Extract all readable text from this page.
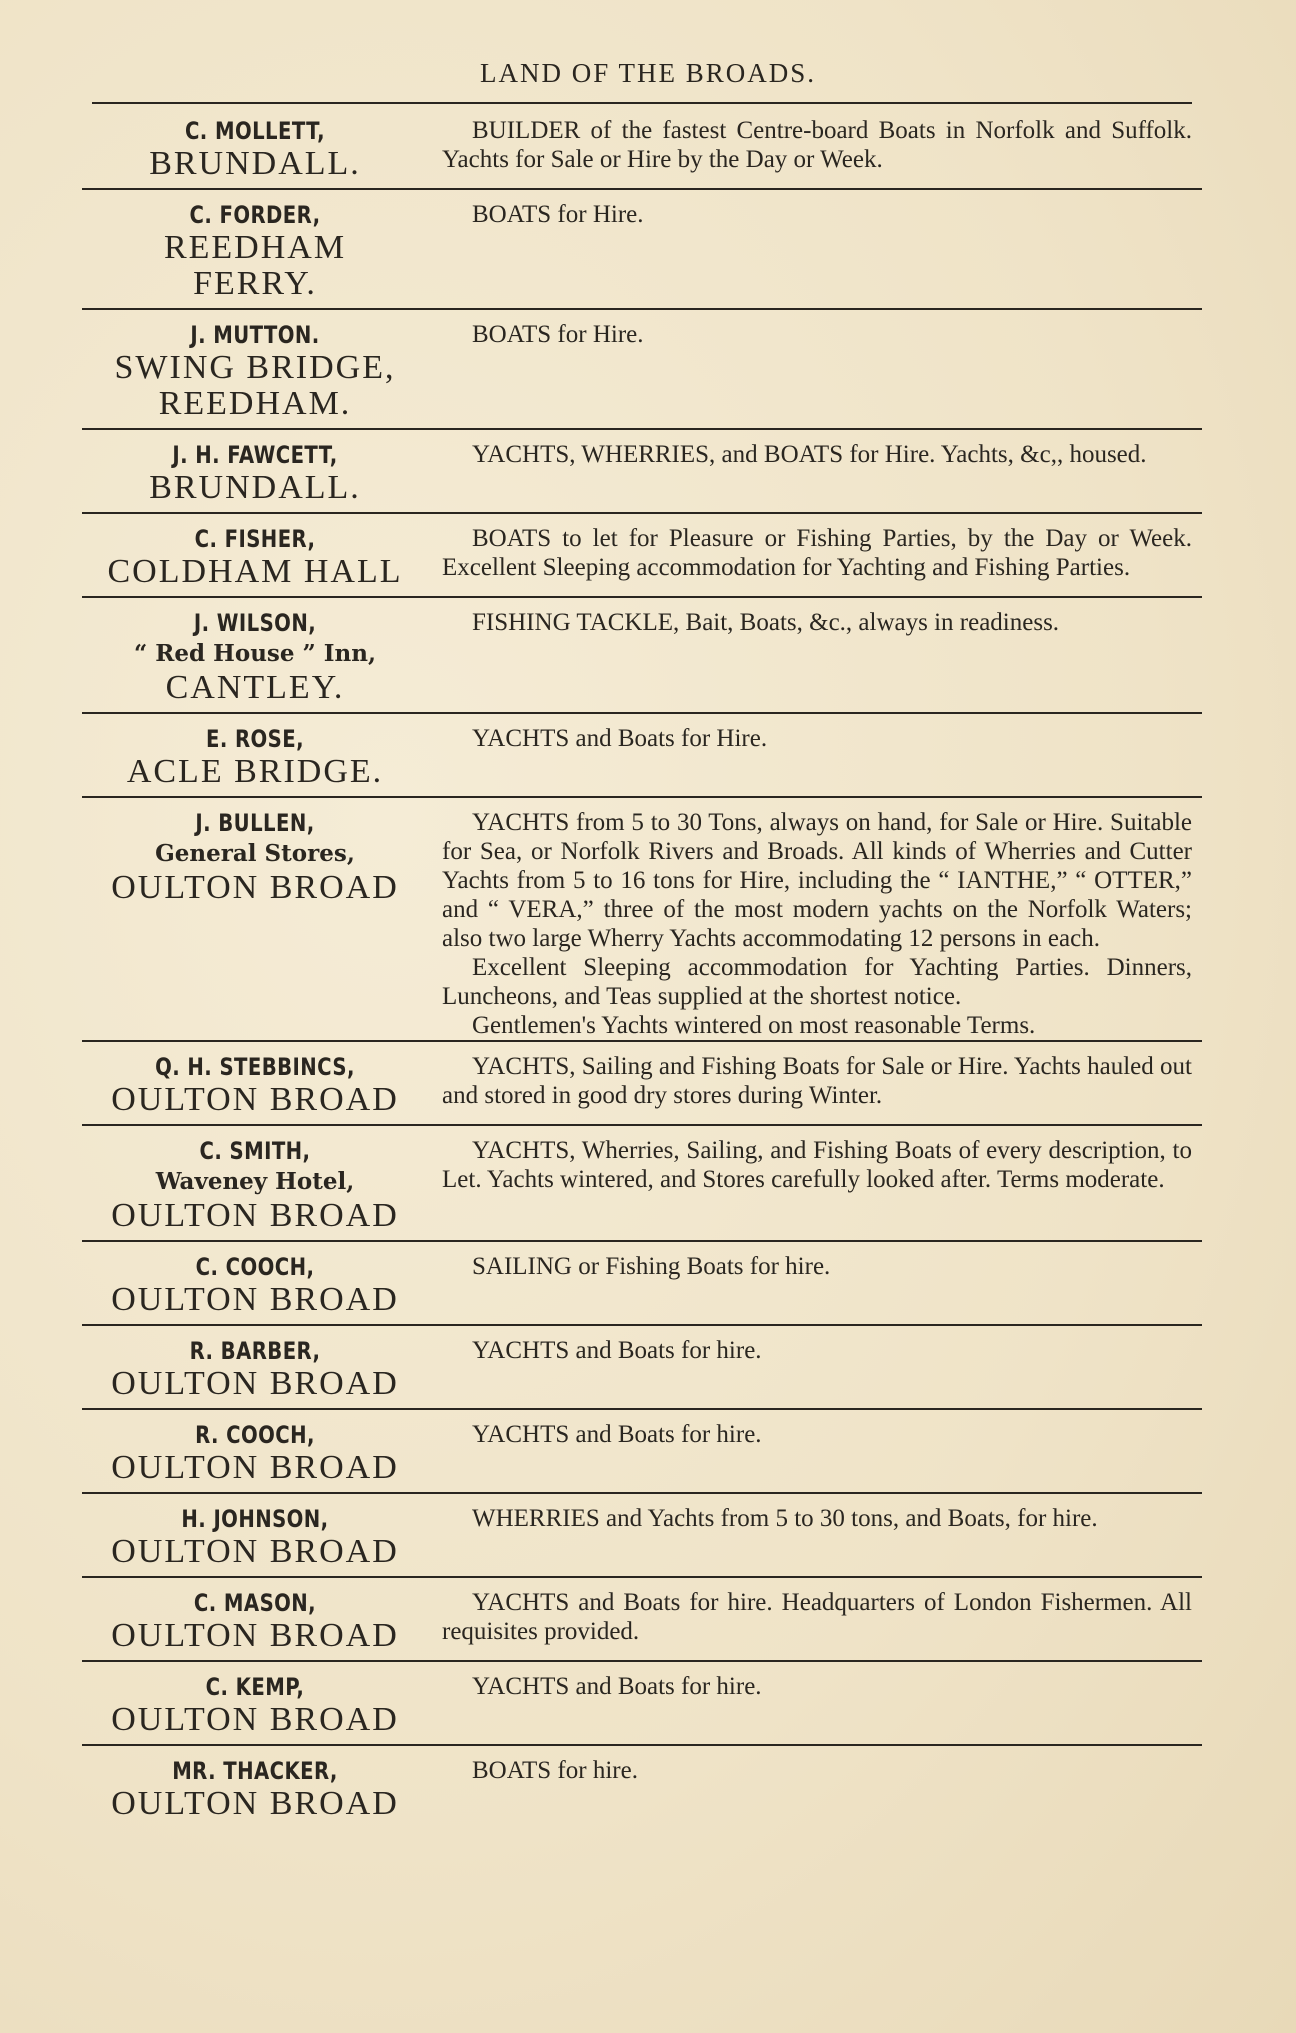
LAND OF THE BROADS.
C. MOLLETT,
BRUNDALL.

BUILDER of the fastest Centre-board Boats in Norfolk and Suffolk. Yachts for Sale or Hire by the Day or Week.

C. FORDER,
REEDHAM
FERRY.

BOATS for Hire.

J. MUTTON.
SWING BRIDGE,
REEDHAM.

BOATS for Hire.

J. H. FAWCETT,
BRUNDALL.

YACHTS, WHERRIES, and BOATS for Hire. Yachts, &c,, housed.

C. FISHER,
COLDHAM HALL

BOATS to let for Pleasure or Fishing Parties, by the Day or Week. Excellent Sleeping accommodation for Yachting and Fishing Parties.

J. WILSON,
“ Red House ” Inn,
CANTLEY.

FISHING TACKLE, Bait, Boats, &c., always in readiness.

E. ROSE,
ACLE BRIDGE.

YACHTS and Boats for Hire.

J. BULLEN,
General Stores,
OULTON BROAD

YACHTS from 5 to 30 Tons, always on hand, for Sale or Hire. Suitable for Sea, or Norfolk Rivers and Broads. All kinds of Wherries and Cutter Yachts from 5 to 16 tons for Hire, including the “ IANTHE,” “ OTTER,” and “ VERA,” three of the most modern yachts on the Norfolk Waters; also two large Wherry Yachts accommodating 12 persons in each.

Excellent Sleeping accommodation for Yachting Parties. Dinners, Luncheons, and Teas supplied at the shortest notice.

Gentlemen's Yachts wintered on most reasonable Terms.

Q. H. STEBBINCS,
OULTON BROAD

YACHTS, Sailing and Fishing Boats for Sale or Hire. Yachts hauled out and stored in good dry stores during Winter.

C. SMITH,
Waveney Hotel,
OULTON BROAD

YACHTS, Wherries, Sailing, and Fishing Boats of every description, to Let. Yachts wintered, and Stores carefully looked after. Terms moderate.

C. COOCH,
OULTON BROAD

SAILING or Fishing Boats for hire.

R. BARBER,
OULTON BROAD

YACHTS and Boats for hire.

R. COOCH,
OULTON BROAD

YACHTS and Boats for hire.

H. JOHNSON,
OULTON BROAD

WHERRIES and Yachts from 5 to 30 tons, and Boats, for hire.

C. MASON,
OULTON BROAD

YACHTS and Boats for hire. Headquarters of London Fishermen. All requisites provided.

C. KEMP,
OULTON BROAD

YACHTS and Boats for hire.

MR. THACKER,
OULTON BROAD

BOATS for hire.
